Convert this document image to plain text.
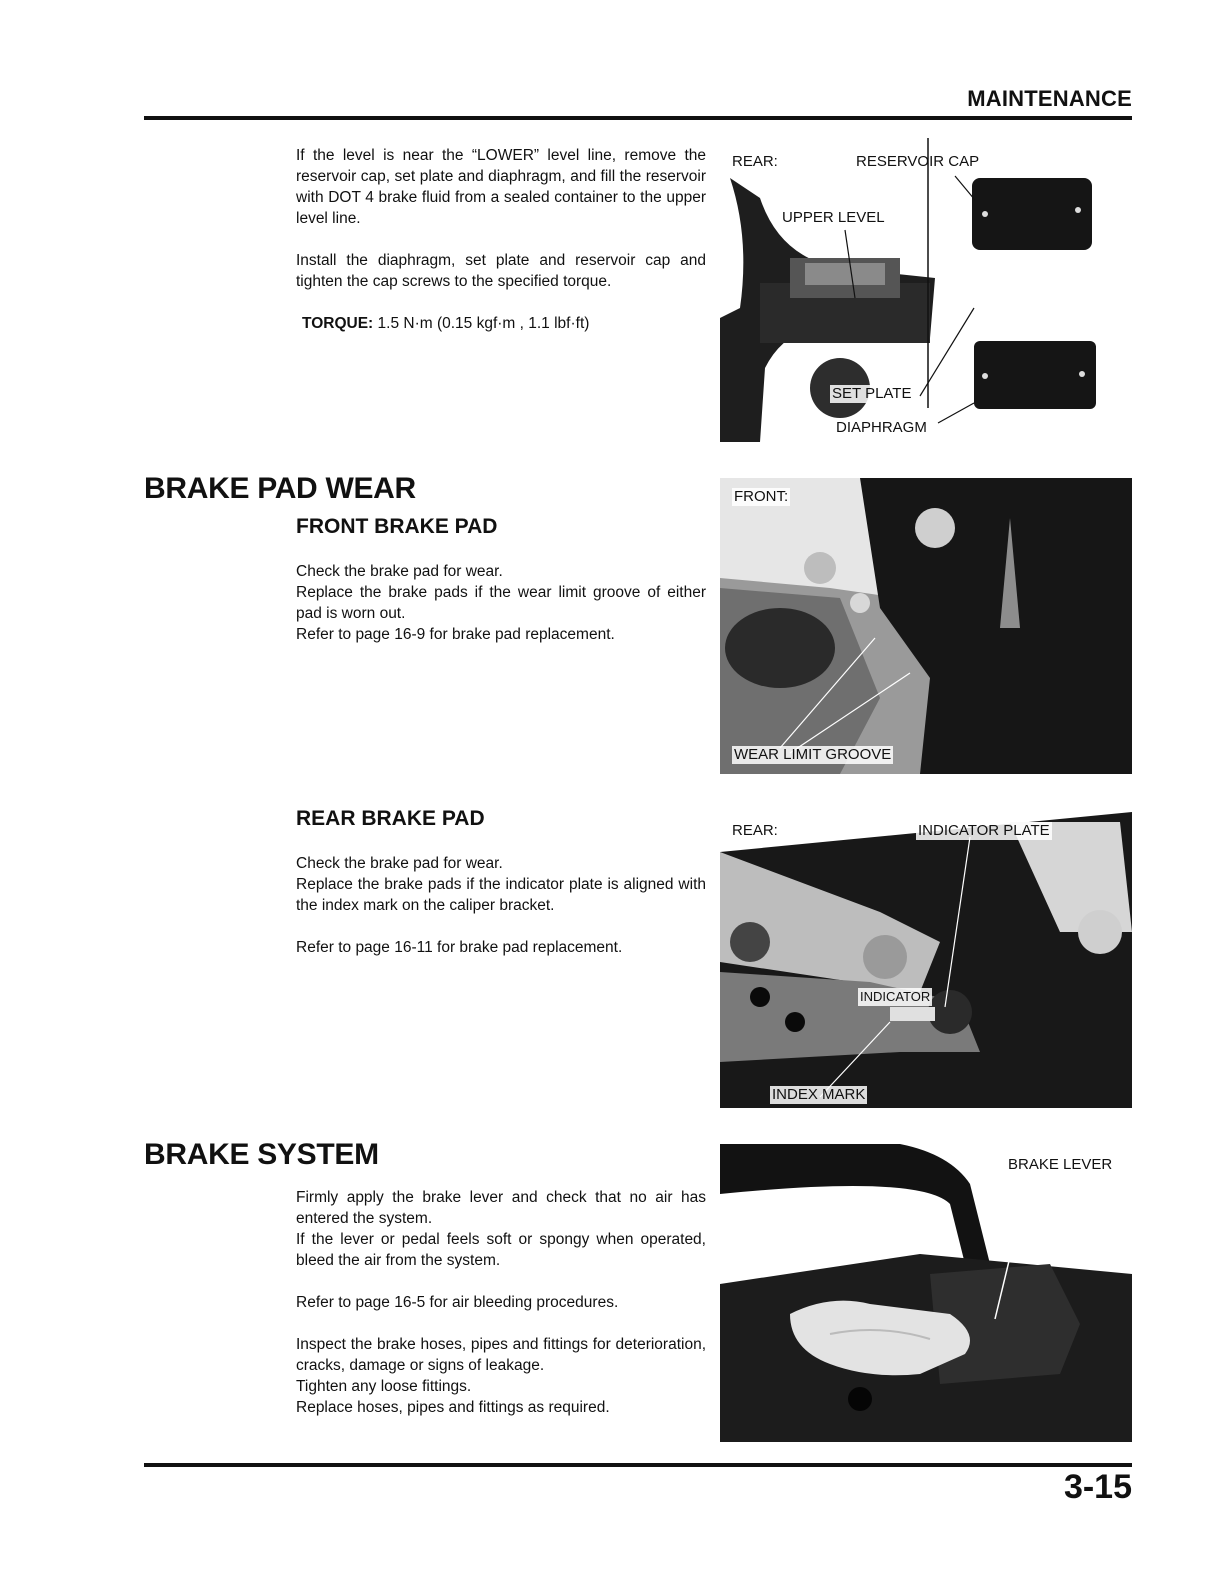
MAINTENANCE

If the level is near the “LOWER” level line, remove the reservoir cap, set plate and diaphragm, and fill the reservoir with DOT 4 brake fluid from a sealed container to the upper level line.

Install the diaphragm, set plate and reservoir cap and tighten the cap screws to the specified torque.

TORQUE: 1.5 N·m (0.15 kgf·m , 1.1 lbf·ft)

REAR:	RESERVOIR CAP
UPPER LEVEL
SET PLATE
DIAPHRAGM
BRAKE PAD WEAR
FRONT BRAKE PAD

Check the brake pad for wear.

Replace the brake pads if the wear limit groove of either pad is worn out.

Refer to page 16-9 for brake pad replacement.

FRONT:
WEAR LIMIT GROOVE
REAR BRAKE PAD

Check the brake pad for wear.

Replace the brake pads if the indicator plate is aligned with the index mark on the caliper bracket.

Refer to page 16-11 for brake pad replacement.

REAR:	INDICATOR PLATE
INDICATOR
INDEX MARK
BRAKE SYSTEM

Firmly apply the brake lever and check that no air has entered the system.

If the lever or pedal feels soft or spongy when operated, bleed the air from the system.

Refer to page 16-5 for air bleeding procedures.

Inspect the brake hoses, pipes and fittings for deterioration, cracks, damage or signs of leakage.

Tighten any loose fittings.

Replace hoses, pipes and fittings as required.

BRAKE LEVER
3-15
